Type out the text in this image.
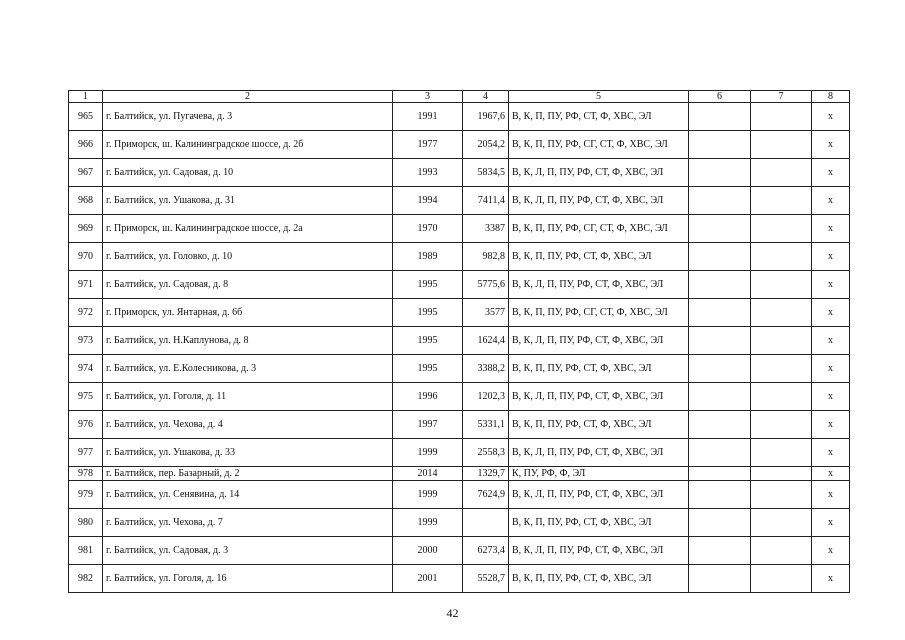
1	2	3	4	5	6	7	8
965	г. Балтийск, ул. Пугачева, д. 3	1991	1967,6	В, К, П, ПУ, РФ, СТ, Ф, ХВС, ЭЛ			х
966	г. Приморск, ш. Калининградское шоссе, д. 2б	1977	2054,2	В, К, П, ПУ, РФ, СГ, СТ, Ф, ХВС, ЭЛ			х
967	г. Балтийск, ул. Садовая, д. 10	1993	5834,5	В, К, Л, П, ПУ, РФ, СТ, Ф, ХВС, ЭЛ			х
968	г. Балтийск, ул. Ушакова, д. 31	1994	7411,4	В, К, Л, П, ПУ, РФ, СТ, Ф, ХВС, ЭЛ			х
969	г. Приморск, ш. Калининградское шоссе, д. 2а	1970	3387	В, К, П, ПУ, РФ, СГ, СТ, Ф, ХВС, ЭЛ			х
970	г. Балтийск, ул. Головко, д. 10	1989	982,8	В, К, П, ПУ, РФ, СТ, Ф, ХВС, ЭЛ			х
971	г. Балтийск, ул. Садовая, д. 8	1995	5775,6	В, К, Л, П, ПУ, РФ, СТ, Ф, ХВС, ЭЛ			х
972	г. Приморск, ул. Янтарная, д. 6б	1995	3577	В, К, П, ПУ, РФ, СГ, СТ, Ф, ХВС, ЭЛ			х
973	г. Балтийск, ул. Н.Каплунова, д. 8	1995	1624,4	В, К, Л, П, ПУ, РФ, СТ, Ф, ХВС, ЭЛ			х
974	г. Балтийск, ул. Е.Колесникова, д. 3	1995	3388,2	В, К, П, ПУ, РФ, СТ, Ф, ХВС, ЭЛ			х
975	г. Балтийск, ул. Гоголя, д. 11	1996	1202,3	В, К, Л, П, ПУ, РФ, СТ, Ф, ХВС, ЭЛ			х
976	г. Балтийск, ул. Чехова, д. 4	1997	5331,1	В, К, П, ПУ, РФ, СТ, Ф, ХВС, ЭЛ			х
977	г. Балтийск, ул. Ушакова, д. 33	1999	2558,3	В, К, Л, П, ПУ, РФ, СТ, Ф, ХВС, ЭЛ			х
978	г. Балтийск, пер. Базарный, д. 2	2014	1329,7	К, ПУ, РФ, Ф, ЭЛ			х
979	г. Балтийск, ул. Сенявина, д. 14	1999	7624,9	В, К, Л, П, ПУ, РФ, СТ, Ф, ХВС, ЭЛ			х
980	г. Балтийск, ул. Чехова, д. 7	1999		В, К, П, ПУ, РФ, СТ, Ф, ХВС, ЭЛ			х
981	г. Балтийск, ул. Садовая, д. 3	2000	6273,4	В, К, Л, П, ПУ, РФ, СТ, Ф, ХВС, ЭЛ			х
982	г. Балтийск, ул. Гоголя, д. 16	2001	5528,7	В, К, П, ПУ, РФ, СТ, Ф, ХВС, ЭЛ			х
42
